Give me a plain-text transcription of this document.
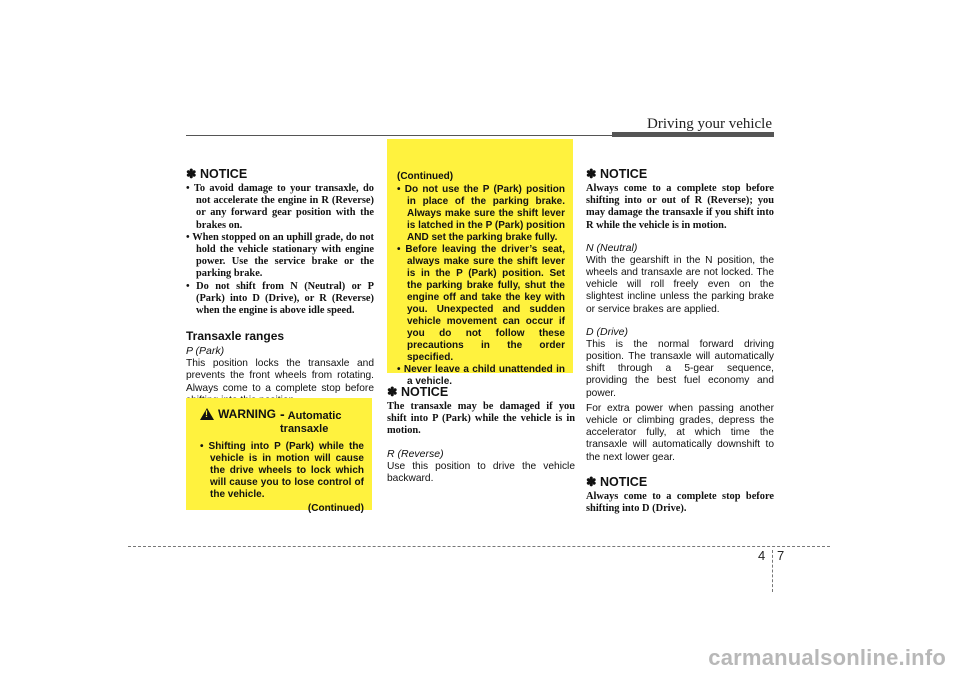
Driving your vehicle
✽ NOTICE
• To avoid damage to your transaxle, do not accelerate the engine in R (Reverse) or any forward gear position with the brakes on.
• When stopped on an uphill grade, do not hold the vehicle stationary with engine power. Use the service brake or the parking brake.
• Do not shift from N (Neutral) or P (Park) into D (Drive), or R (Reverse) when the engine is above idle speed.
Transaxle ranges
P (Park)

This position locks the transaxle and prevents the front wheels from rotating. Always come to a complete stop before

!
WARNING - Automatic transaxle
• Shifting into P (Park) while the vehicle is in motion will cause the drive wheels to lock which will cause you to lose control of the vehicle.
(Continued)
(Continued)
• Do not use the P (Park) position in place of the parking brake. Always make sure the shift lever is latched in the P (Park) position AND set the parking brake fully.
• Before leaving the driver’s seat, always make sure the shift lever is in the P (Park) position. Set the parking brake fully, shut the engine off and take the key with you. Unexpected and sudden vehicle movement can occur if you do not follow these precautions in the order specified.
• Never leave a child unattended in a vehicle.
✽ NOTICE

The transaxle may be damaged if you shift into P (Park) while the vehicle is in motion.

R (Reverse)

Use this position to drive the vehicle backward.

✽ NOTICE

Always come to a complete stop before shifting into or out of R (Reverse); you may damage the transaxle if you shift into R while the vehicle is in motion.

N (Neutral)

With the gearshift in the N position, the wheels and transaxle are not locked. The vehicle will roll freely even on the slightest incline unless the parking brake or service brakes are applied.

D (Drive)

This is the normal forward driving position. The transaxle will automatically shift through a 5-gear sequence, providing the best fuel economy and power.

For extra power when passing another vehicle or climbing grades, depress the accelerator fully, at which time the transaxle will automatically downshift to the next lower gear.

✽ NOTICE

Always come to a complete stop before shifting into D (Drive).

4 7
carmanualsonline.info
